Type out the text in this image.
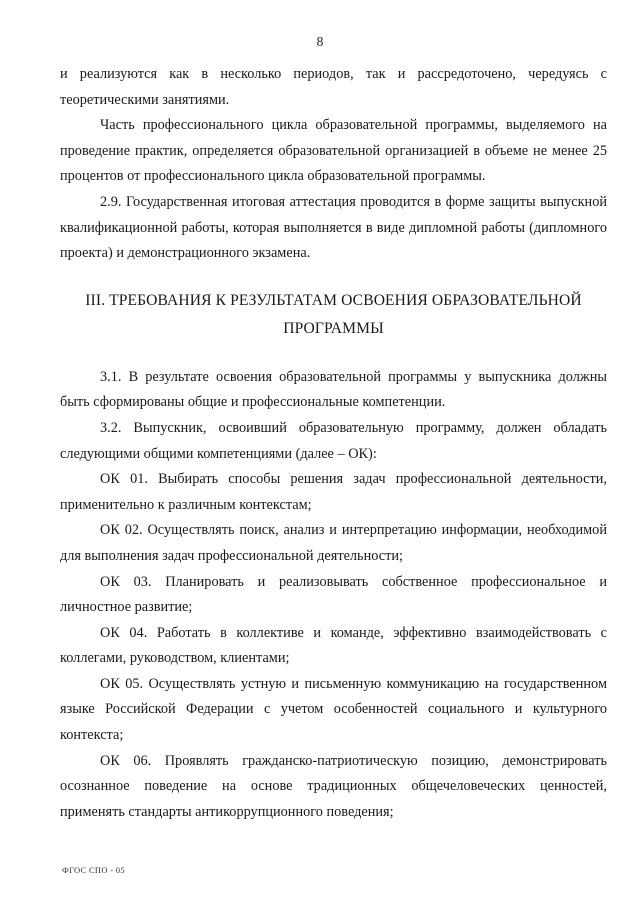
8

и реализуются как в несколько периодов, так и рассредоточено, чередуясь с теоретическими занятиями.

Часть профессионального цикла образовательной программы, выделяемого на проведение практик, определяется образовательной организацией в объеме не менее 25 процентов от профессионального цикла образовательной программы.

2.9. Государственная итоговая аттестация проводится в форме защиты выпускной квалификационной работы, которая выполняется в виде дипломной работы (дипломного проекта) и демонстрационного экзамена.

III. ТРЕБОВАНИЯ К РЕЗУЛЬТАТАМ ОСВОЕНИЯ ОБРАЗОВАТЕЛЬНОЙ
ПРОГРАММЫ

3.1. В результате освоения образовательной программы у выпускника должны быть сформированы общие и профессиональные компетенции.

3.2. Выпускник, освоивший образовательную программу, должен обладать следующими общими компетенциями (далее – ОК):

ОК 01. Выбирать способы решения задач профессиональной деятельности, применительно к различным контекстам;

ОК 02. Осуществлять поиск, анализ и интерпретацию информации, необходимой для выполнения задач профессиональной деятельности;

ОК 03. Планировать и реализовывать собственное профессиональное и личностное развитие;

ОК 04. Работать в коллективе и команде, эффективно взаимодействовать с коллегами, руководством, клиентами;

ОК 05. Осуществлять устную и письменную коммуникацию на государственном языке Российской Федерации с учетом особенностей социального и культурного контекста;

ОК 06. Проявлять гражданско-патриотическую позицию, демонстрировать осознанное поведение на основе традиционных общечеловеческих ценностей, применять стандарты антикоррупционного поведения;

ФГОС СПО - 05
